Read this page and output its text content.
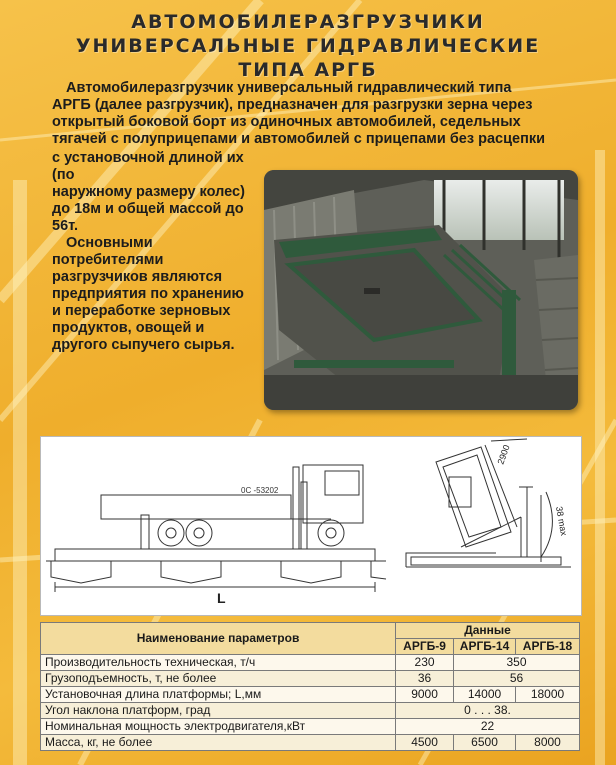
АВТОМОБИЛЕРАЗГРУЗЧИКИ
УНИВЕРСАЛЬНЫЕ ГИДРАВЛИЧЕСКИЕ
ТИПА АРГБ

Автомобилеразгрузчик универсальный гидравлический типа

АРГБ (далее разгрузчик), предназначен для разгрузки зерна через

открытый боковой борт из одиночных автомобилей, седельных

тягачей с полуприцепами и автомобилей с прицепами без расцепки

с установочной длиной их (по

наружному размеру колес)

до 18м и общей массой до

56т.

Основными

потребителями

разгрузчиков являются

предприятия по хранению

и переработке зерновых

продуктов, овощей и

другого сыпучего сырья.

0С -53202
L
2900
38 max
Наименование параметров	Данные		
	АРГБ-9	АРГБ-14	АРГБ-18
Производительность техническая, т/ч	230	350	
Грузоподъемность, т, не более	36	56	
Установочная длина платформы; L,мм	9000	14000	18000
Угол наклона платформ, град	0 . . . 38.		
Номинальная мощность электродвигателя,кВт	22		
Масса, кг, не более	4500	6500	8000
